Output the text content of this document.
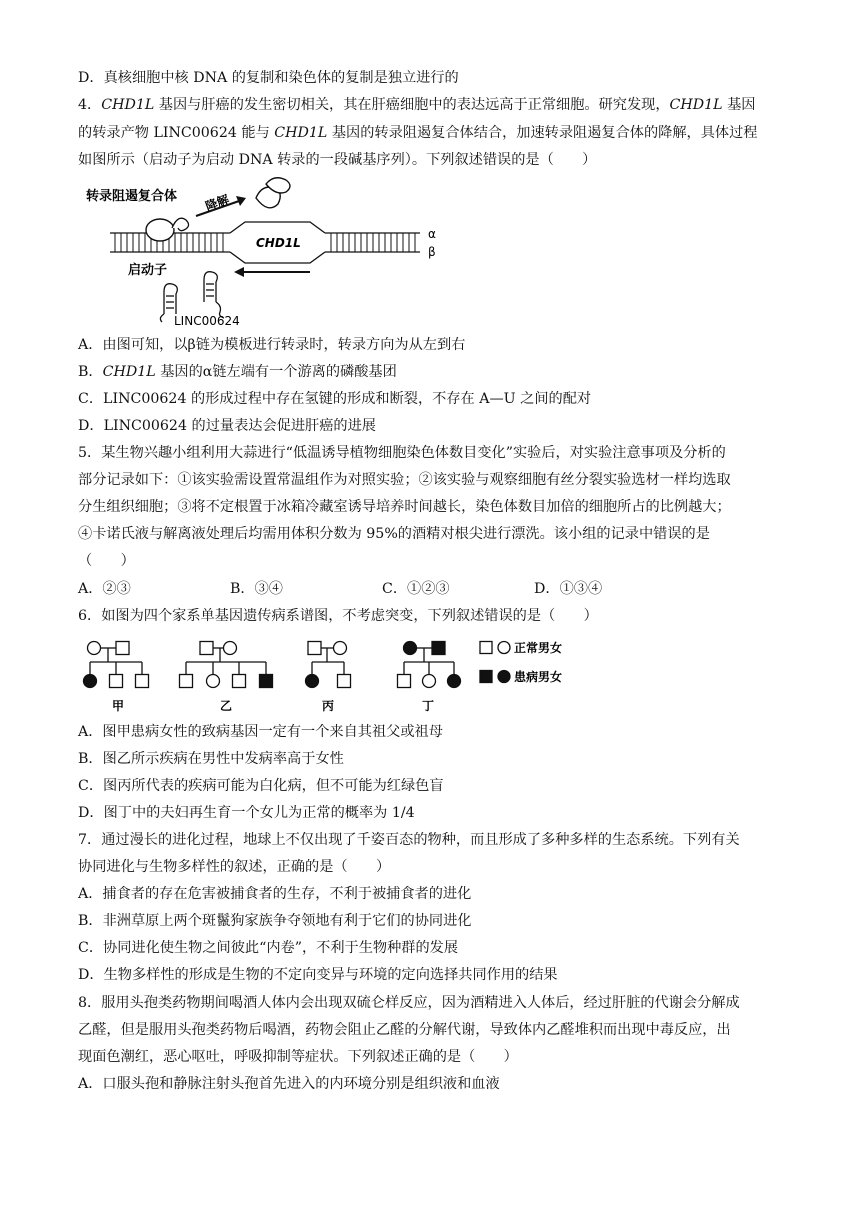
D．真核细胞中核 DNA 的复制和染色体的复制是独立进行的
4．CHD1L 基因与肝癌的发生密切相关，其在肝癌细胞中的表达远高于正常细胞。研究发现，CHD1L 基因
的转录产物 LINC00624 能与 CHD1L 基因的转录阻遏复合体结合，加速转录阻遏复合体的降解，具体过程
如图所示（启动子为启动 DNA 转录的一段碱基序列）。下列叙述错误的是（　　）
转录阻遏复合体
CHD1L
α
β
降解
启动子
LINC00624
A．由图可知，以β链为模板进行转录时，转录方向为从左到右
B．CHD1L 基因的α链左端有一个游离的磷酸基团
C．LINC00624 的形成过程中存在氢键的形成和断裂，不存在 A—U 之间的配对
D．LINC00624 的过量表达会促进肝癌的进展
5．某生物兴趣小组利用大蒜进行“低温诱导植物细胞染色体数目变化”实验后，对实验注意事项及分析的
部分记录如下：①该实验需设置常温组作为对照实验；②该实验与观察细胞有丝分裂实验选材一样均选取
分生组织细胞；③将不定根置于冰箱冷藏室诱导培养时间越长，染色体数目加倍的细胞所占的比例越大；
④卡诺氏液与解离液处理后均需用体积分数为 95%的酒精对根尖进行漂洗。该小组的记录中错误的是
（　　）
A．②③	B．③④	C．①②③	D．①③④
6．如图为四个家系单基因遗传病系谱图，不考虑突变，下列叙述错误的是（　　）
正常男女
患病男女
甲	乙	丙	丁
A．图甲患病女性的致病基因一定有一个来自其祖父或祖母
B．图乙所示疾病在男性中发病率高于女性
C．图丙所代表的疾病可能为白化病，但不可能为红绿色盲
D．图丁中的夫妇再生育一个女儿为正常的概率为 1/4
7．通过漫长的进化过程，地球上不仅出现了千姿百态的物种，而且形成了多种多样的生态系统。下列有关
协同进化与生物多样性的叙述，正确的是（　　）
A．捕食者的存在危害被捕食者的生存，不利于被捕食者的进化
B．非洲草原上两个斑鬣狗家族争夺领地有利于它们的协同进化
C．协同进化使生物之间彼此“内卷”，不利于生物种群的发展
D．生物多样性的形成是生物的不定向变异与环境的定向选择共同作用的结果
8．服用头孢类药物期间喝酒人体内会出现双硫仑样反应，因为酒精进入人体后，经过肝脏的代谢会分解成
乙醛，但是服用头孢类药物后喝酒，药物会阻止乙醛的分解代谢，导致体内乙醛堆积而出现中毒反应，出
现面色潮红，恶心呕吐，呼吸抑制等症状。下列叙述正确的是（　　）
A．口服头孢和静脉注射头孢首先进入的内环境分别是组织液和血液
